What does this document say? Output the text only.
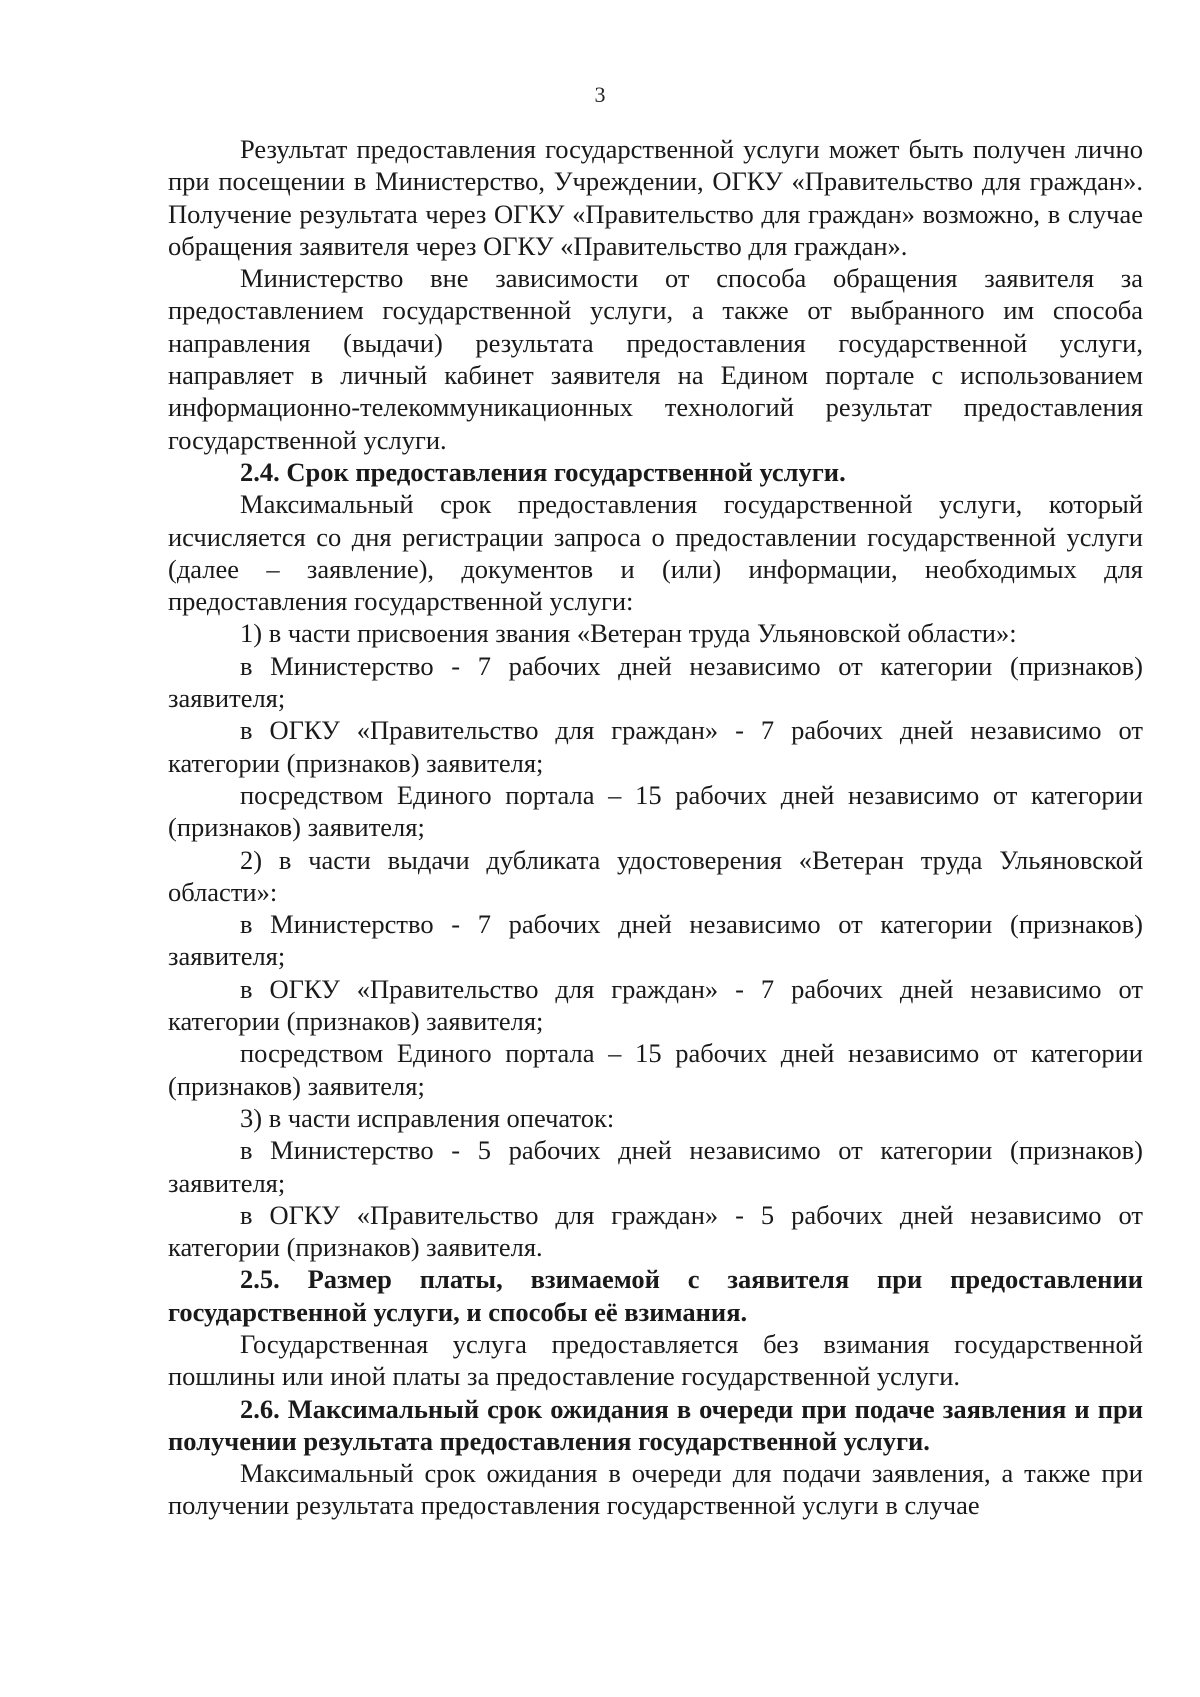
3

Результат предоставления государственной услуги может быть получен лично при посещении в Министерство, Учреждении, ОГКУ «Правительство для граждан». Получение результата через ОГКУ «Правительство для граждан» возможно, в случае обращения заявителя через ОГКУ «Правительство для граждан».

Министерство вне зависимости от способа обращения заявителя за предоставлением государственной услуги, а также от выбранного им способа направления (выдачи) результата предоставления государственной услуги, направляет в личный кабинет заявителя на Едином портале с использованием информационно-телекоммуникационных технологий результат предоставления государственной услуги.

2.4. Срок предоставления государственной услуги.

Максимальный срок предоставления государственной услуги, который исчисляется со дня регистрации запроса о предоставлении государственной услуги (далее – заявление), документов и (или) информации, необходимых для предоставления государственной услуги:

1) в части присвоения звания «Ветеран труда Ульяновской области»:

в Министерство - 7 рабочих дней независимо от категории (признаков) заявителя;

в ОГКУ «Правительство для граждан» - 7 рабочих дней независимо от категории (признаков) заявителя;

посредством Единого портала – 15 рабочих дней независимо от категории (признаков) заявителя;

2) в части выдачи дубликата удостоверения «Ветеран труда Ульяновской области»:

в Министерство - 7 рабочих дней независимо от категории (признаков) заявителя;

в ОГКУ «Правительство для граждан» - 7 рабочих дней независимо от категории (признаков) заявителя;

посредством Единого портала – 15 рабочих дней независимо от категории (признаков) заявителя;

3) в части исправления опечаток:

в Министерство - 5 рабочих дней независимо от категории (признаков) заявителя;

в ОГКУ «Правительство для граждан» - 5 рабочих дней независимо от категории (признаков) заявителя.

2.5. Размер платы, взимаемой с заявителя при предоставлении государственной услуги, и способы её взимания.

Государственная услуга предоставляется без взимания государственной пошлины или иной платы за предоставление государственной услуги.

2.6. Максимальный срок ожидания в очереди при подаче заявления и при получении результата предоставления государственной услуги.

Максимальный срок ожидания в очереди для подачи заявления, а также при получении результата предоставления государственной услуги в случае
